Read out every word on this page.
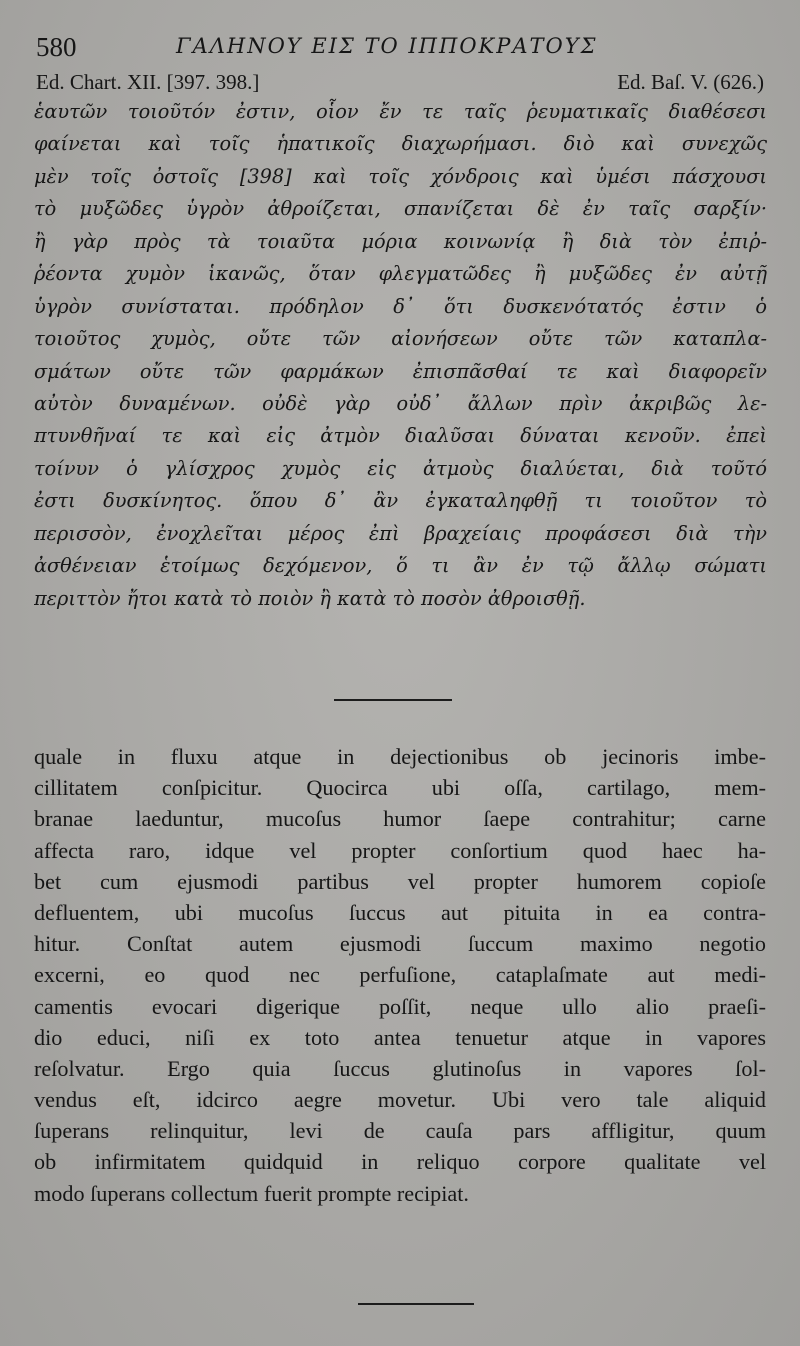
580	ΓΑΛΗΝΟΥ ΕΙΣ ΤΟ ΙΠΠΟΚΡΑΤΟΥΣ
Ed. Chart. XII. [397. 398.]	Ed. Baſ. V. (626.)
ἑαυτῶν τοιοῦτόν ἐστιν, οἷον ἔν τε ταῖς ῥευματικαῖς διαθέσεσι
φαίνεται καὶ τοῖς ἡπατικοῖς διαχωρήμασι. διὸ καὶ συνεχῶς
μὲν τοῖς ὀστοῖς [398] καὶ τοῖς χόνδροις καὶ ὑμέσι πάσχουσι
τὸ μυξῶδες ὑγρὸν ἀθροίζεται, σπανίζεται δὲ ἐν ταῖς σαρξίν·
ἢ γὰρ πρὸς τὰ τοιαῦτα μόρια κοινωνίᾳ ἢ διὰ τὸν ἐπιῤ-
ῥέοντα χυμὸν ἱκανῶς, ὅταν φλεγματῶδες ἢ μυξῶδες ἐν αὐτῇ
ὑγρὸν συνίσταται. πρόδηλον δ᾽ ὅτι δυσκενότατός ἐστιν ὁ
τοιοῦτος χυμὸς, οὔτε τῶν αἰονήσεων οὔτε τῶν καταπλα-
σμάτων οὔτε τῶν φαρμάκων ἐπισπᾶσθαί τε καὶ διαφορεῖν
αὐτὸν δυναμένων. οὐδὲ γὰρ οὐδ᾽ ἄλλων πρὶν ἀκριβῶς λε-
πτυνθῆναί τε καὶ εἰς ἀτμὸν διαλῦσαι δύναται κενοῦν. ἐπεὶ
τοίνυν ὁ γλίσχρος χυμὸς εἰς ἀτμοὺς διαλύεται, διὰ τοῦτό
ἐστι δυσκίνητος. ὅπου δ᾽ ἂν ἐγκαταληφθῇ τι τοιοῦτον τὸ
περισσὸν, ἐνοχλεῖται μέρος ἐπὶ βραχείαις προφάσεσι διὰ τὴν
ἀσθένειαν ἑτοίμως δεχόμενον, ὅ τι ἂν ἐν τῷ ἄλλῳ σώματι
περιττὸν ἤτοι κατὰ τὸ ποιὸν ἢ κατὰ τὸ ποσὸν ἀθροισθῇ.
quale in fluxu atque in dejectionibus ob jecinoris imbe-
cillitatem conſpicitur. Quocirca ubi oſſa, cartilago, mem-
branae laeduntur, mucoſus humor ſaepe contrahitur; carne
affecta raro, idque vel propter conſortium quod haec ha-
bet cum ejusmodi partibus vel propter humorem copioſe
defluentem, ubi mucoſus ſuccus aut pituita in ea contra-
hitur. Conſtat autem ejusmodi ſuccum maximo negotio
excerni, eo quod nec perfuſione, cataplaſmate aut medi-
camentis evocari digerique poſſit, neque ullo alio praeſi-
dio educi, niſi ex toto antea tenuetur atque in vapores
reſolvatur. Ergo quia ſuccus glutinoſus in vapores ſol-
vendus eſt, idcirco aegre movetur. Ubi vero tale aliquid
ſuperans relinquitur, levi de cauſa pars affligitur, quum
ob infirmitatem quidquid in reliquo corpore qualitate vel
modo ſuperans collectum fuerit prompte recipiat.
